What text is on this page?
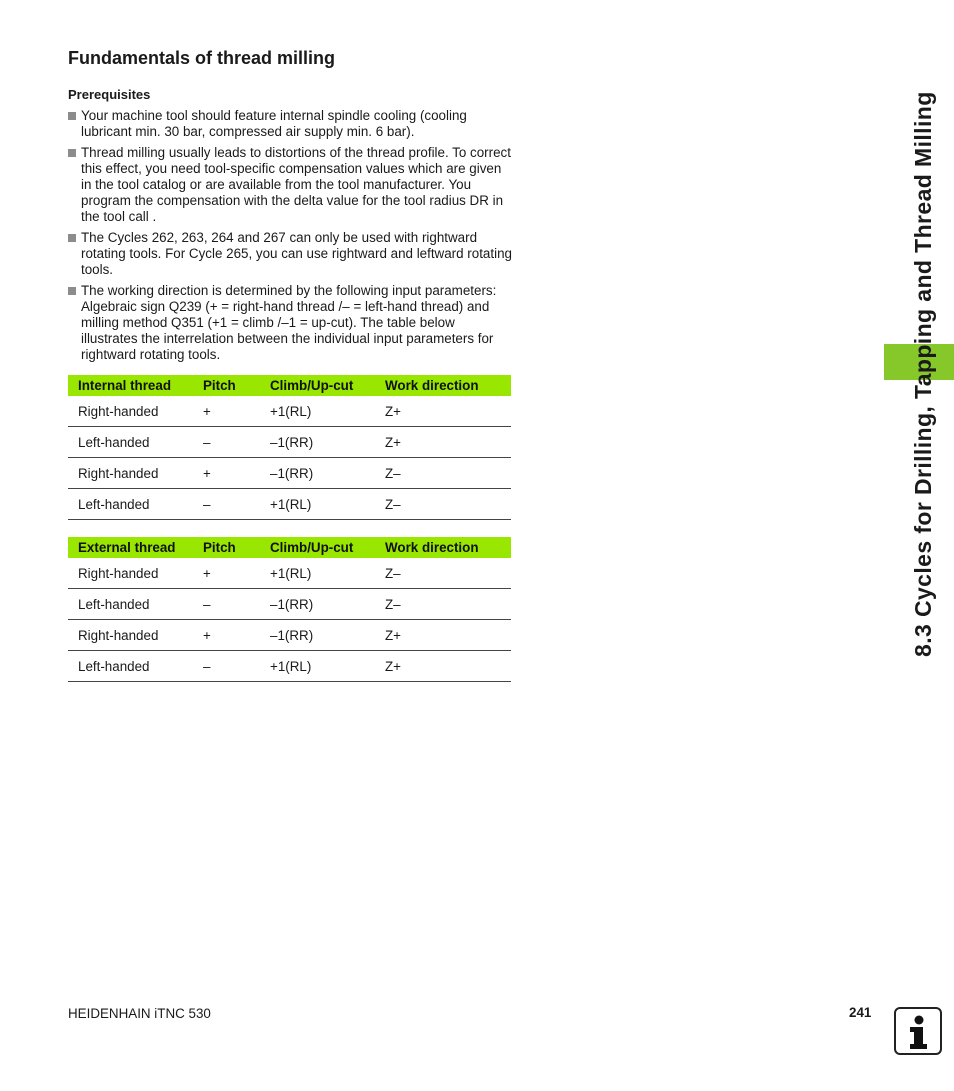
Fundamentals of thread milling
Prerequisites
Your machine tool should feature internal spindle cooling (cooling lubricant min. 30 bar, compressed air supply min. 6 bar).
Thread milling usually leads to distortions of the thread profile. To correct this effect, you need tool-specific compensation values which are given in the tool catalog or are available from the tool manufacturer. You program the compensation with the delta value for the tool radius DR in the tool call .
The Cycles 262, 263, 264 and 267 can only be used with rightward rotating tools. For Cycle 265, you can use rightward and leftward rotating tools.
The working direction is determined by the following input parameters: Algebraic sign Q239 (+ = right-hand thread /– = left-hand thread) and milling method Q351 (+1 = climb /–1 = up-cut). The table below illustrates the interrelation between the individual input parameters for rightward rotating tools.
Internal thread	Pitch	Climb/Up-cut	Work direction
Right-handed	+	+1(RL)	Z+
Left-handed	–	–1(RR)	Z+
Right-handed	+	–1(RR)	Z–
Left-handed	–	+1(RL)	Z–
External thread	Pitch	Climb/Up-cut	Work direction
Right-handed	+	+1(RL)	Z–
Left-handed	–	–1(RR)	Z–
Right-handed	+	–1(RR)	Z+
Left-handed	–	+1(RL)	Z+
8.3 Cycles for Drilling, Tapping and Thread Milling
HEIDENHAIN iTNC 530	241
